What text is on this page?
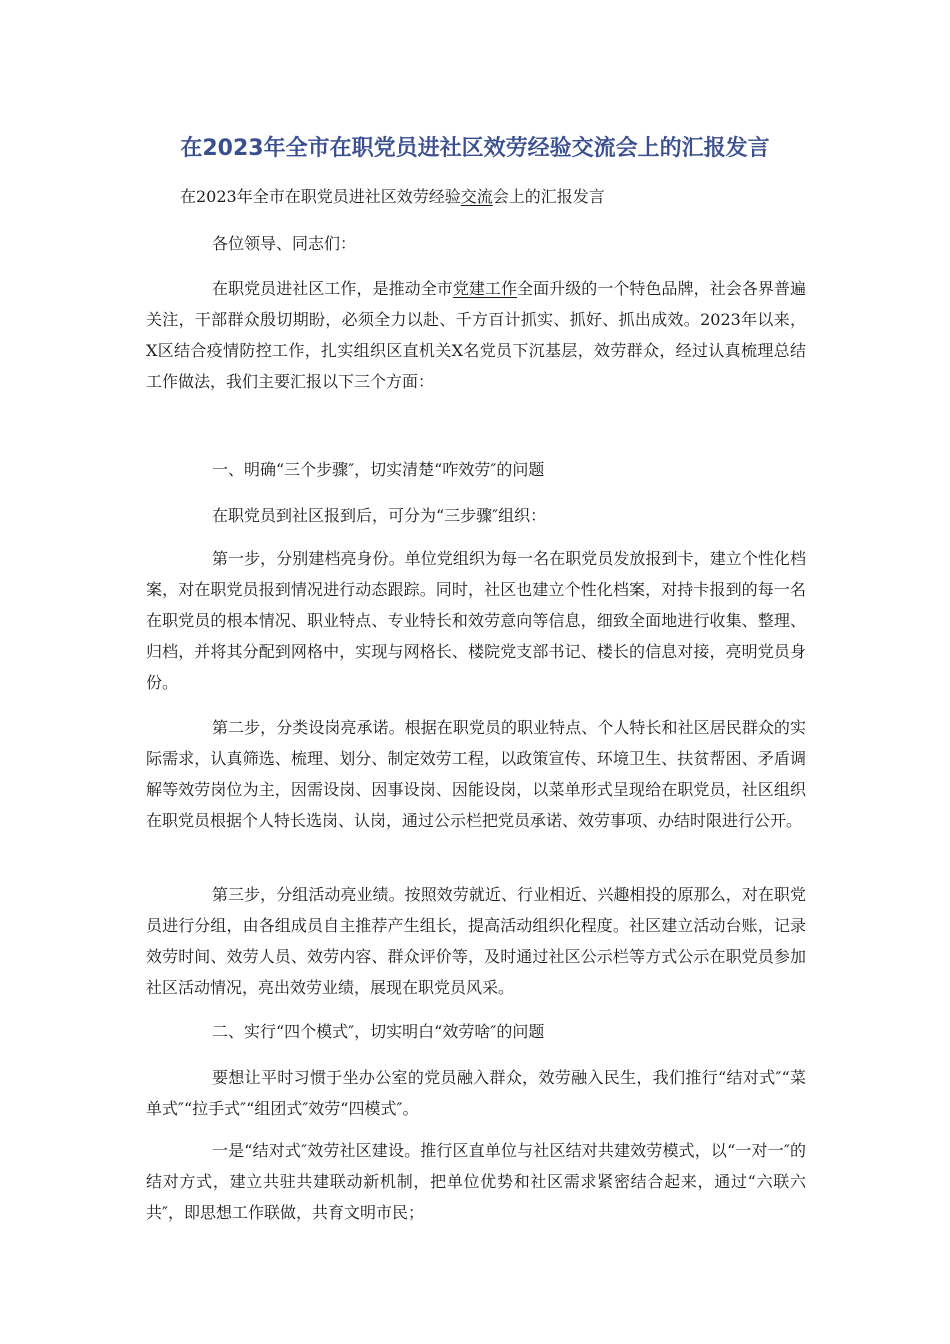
在2023年全市在职党员进社区效劳经验交流会上的汇报发言

在2023年全市在职党员进社区效劳经验交流会上的汇报发言

各位领导、同志们：

在职党员进社区工作，是推动全市党建工作全面升级的一个特色品牌，社会各界普遍关注，干部群众殷切期盼，必须全力以赴、千方百计抓实、抓好、抓出成效。2023年以来，X区结合疫情防控工作，扎实组织区直机关X名党员下沉基层，效劳群众，经过认真梳理总结工作做法，我们主要汇报以下三个方面：

一、明确“三个步骤″，切实清楚“咋效劳″的问题

在职党员到社区报到后，可分为“三步骤″组织：

第一步，分别建档亮身份。单位党组织为每一名在职党员发放报到卡，建立个性化档案，对在职党员报到情况进行动态跟踪。同时，社区也建立个性化档案，对持卡报到的每一名在职党员的根本情况、职业特点、专业特长和效劳意向等信息，细致全面地进行收集、整理、归档，并将其分配到网格中，实现与网格长、楼院党支部书记、楼长的信息对接，亮明党员身份。

第二步，分类设岗亮承诺。根据在职党员的职业特点、个人特长和社区居民群众的实际需求，认真筛选、梳理、划分、制定效劳工程，以政策宣传、环境卫生、扶贫帮困、矛盾调解等效劳岗位为主，因需设岗、因事设岗、因能设岗，以菜单形式呈现给在职党员，社区组织在职党员根据个人特长选岗、认岗，通过公示栏把党员承诺、效劳事项、办结时限进行公开。

第三步，分组活动亮业绩。按照效劳就近、行业相近、兴趣相投的原那么，对在职党员进行分组，由各组成员自主推荐产生组长，提高活动组织化程度。社区建立活动台账，记录效劳时间、效劳人员、效劳内容、群众评价等，及时通过社区公示栏等方式公示在职党员参加社区活动情况，亮出效劳业绩，展现在职党员风采。

二、实行“四个模式″，切实明白“效劳啥″的问题

要想让平时习惯于坐办公室的党员融入群众，效劳融入民生，我们推行“结对式″“菜单式″“拉手式″“组团式″效劳“四模式″。

一是“结对式″效劳社区建设。推行区直单位与社区结对共建效劳模式，以“一对一″的结对方式，建立共驻共建联动新机制，把单位优势和社区需求紧密结合起来，通过“六联六共″，即思想工作联做，共育文明市民；
